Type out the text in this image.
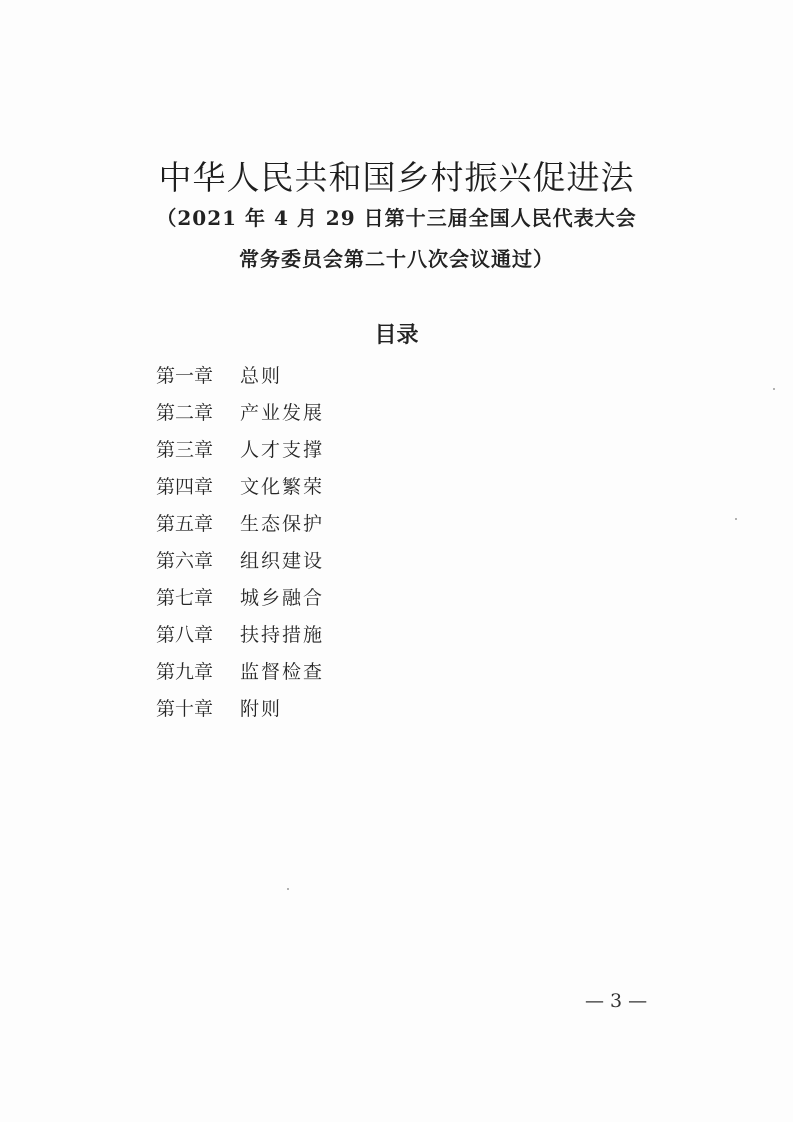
中华人民共和国乡村振兴促进法

（2021 年 4 月 29 日第十三届全国人民代表大会

常务委员会第二十八次会议通过）

目录
第一章 总则
第二章 产业发展
第三章 人才支撑
第四章 文化繁荣
第五章 生态保护
第六章 组织建设
第七章 城乡融合
第八章 扶持措施
第九章 监督检查
第十章 附则
— 3 —
